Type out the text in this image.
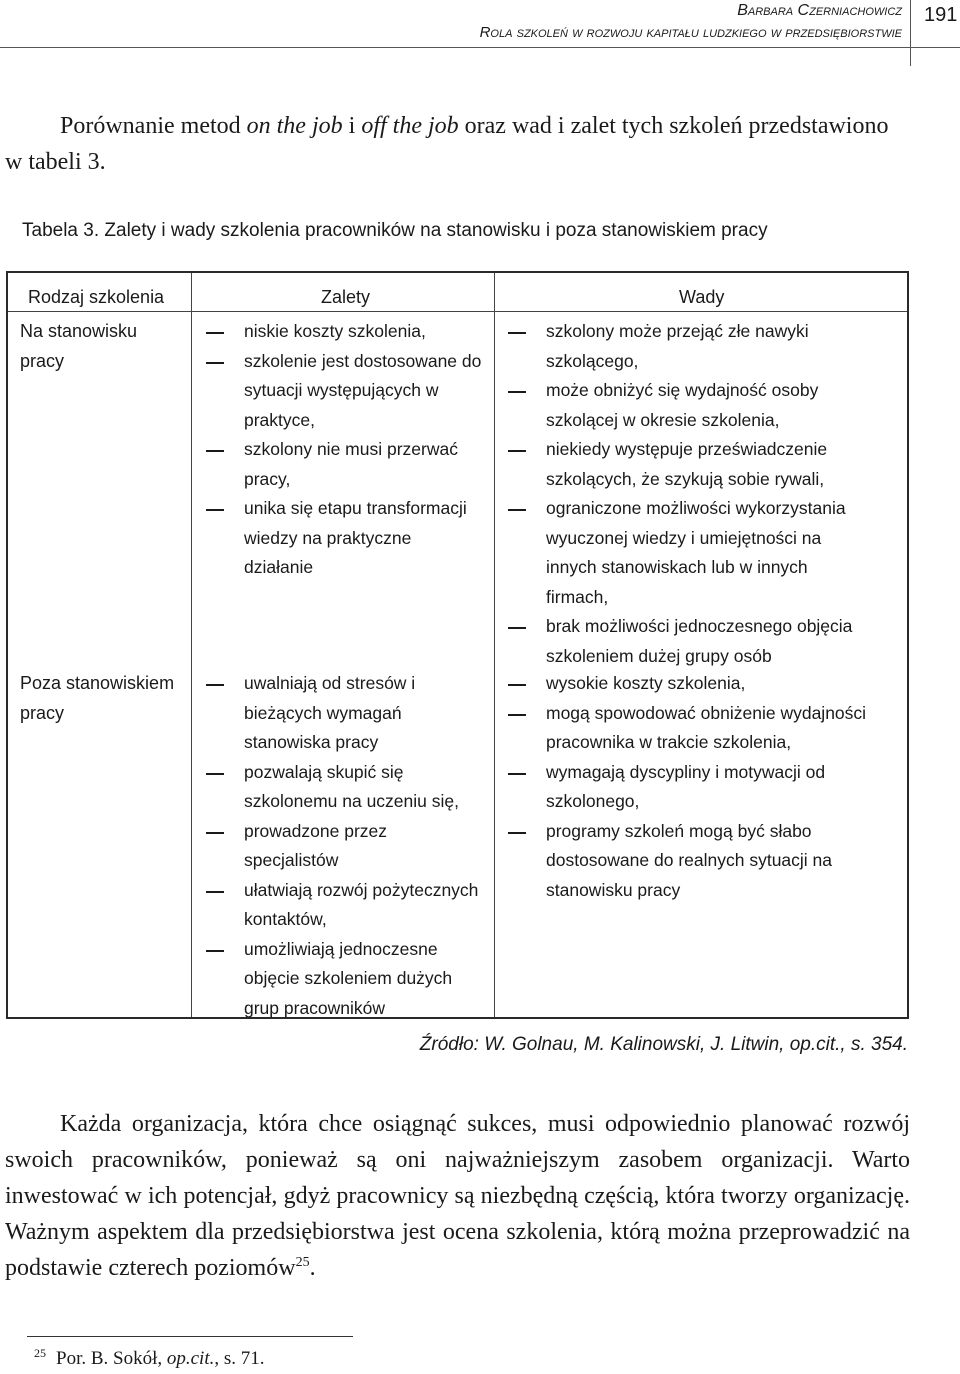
Barbara Czerniachowicz
Rola szkoleń w rozwoju kapitału ludzkiego w przedsiębiorstwie
191

Porównanie metod on the job i off the job oraz wad i zalet tych szkoleń przedstawiono w tabeli 3.

Tabela 3. Zalety i wady szkolenia pracowników na stanowisku i poza stanowiskiem pracy
Rodzaj szkolenia	Zalety	Wady
Na stanowisku pracy
niskie koszty szkolenia,
szkolenie jest dostosowane do sytuacji występujących w praktyce,
szkolony nie musi przerwać pracy,
unika się etapu transformacji wiedzy na praktyczne działanie
szkolony może przejąć złe nawyki szkolącego,
może obniżyć się wydajność osoby szkolącej w okresie szkolenia,
niekiedy występuje przeświadczenie szkolących, że szykują sobie rywali,
ograniczone możliwości wykorzystania wyuczonej wiedzy i umiejętności na innych stanowiskach lub w innych firmach,
brak możliwości jednoczesnego objęcia szkoleniem dużej grupy osób
Poza stanowiskiem pracy
uwalniają od stresów i bieżących wymagań stanowiska pracy
pozwalają skupić się szkolonemu na uczeniu się,
prowadzone przez specjalistów
ułatwiają rozwój pożytecznych kontaktów,
umożliwiają jednoczesne objęcie szkoleniem dużych grup pracowników
wysokie koszty szkolenia,
mogą spowodować obniżenie wydajności pracownika w trakcie szkolenia,
wymagają dyscypliny i motywacji od szkolonego,
programy szkoleń mogą być słabo dostosowane do realnych sytuacji na stanowisku pracy
Źródło: W. Golnau, M. Kalinowski, J. Litwin, op.cit., s. 354.

Każda organizacja, która chce osiągnąć sukces, musi odpowiednio planować rozwój swoich pracowników, ponieważ są oni najważniejszym zasobem organizacji. Warto inwestować w ich potencjał, gdyż pracownicy są niezbędną częścią, która tworzy organizację. Ważnym aspektem dla przedsiębiorstwa jest ocena szkolenia, którą można przeprowadzić na podstawie czterech poziomów$^{25}$.

$^{25}$ Por. B. Sokół, op.cit., s. 71.
